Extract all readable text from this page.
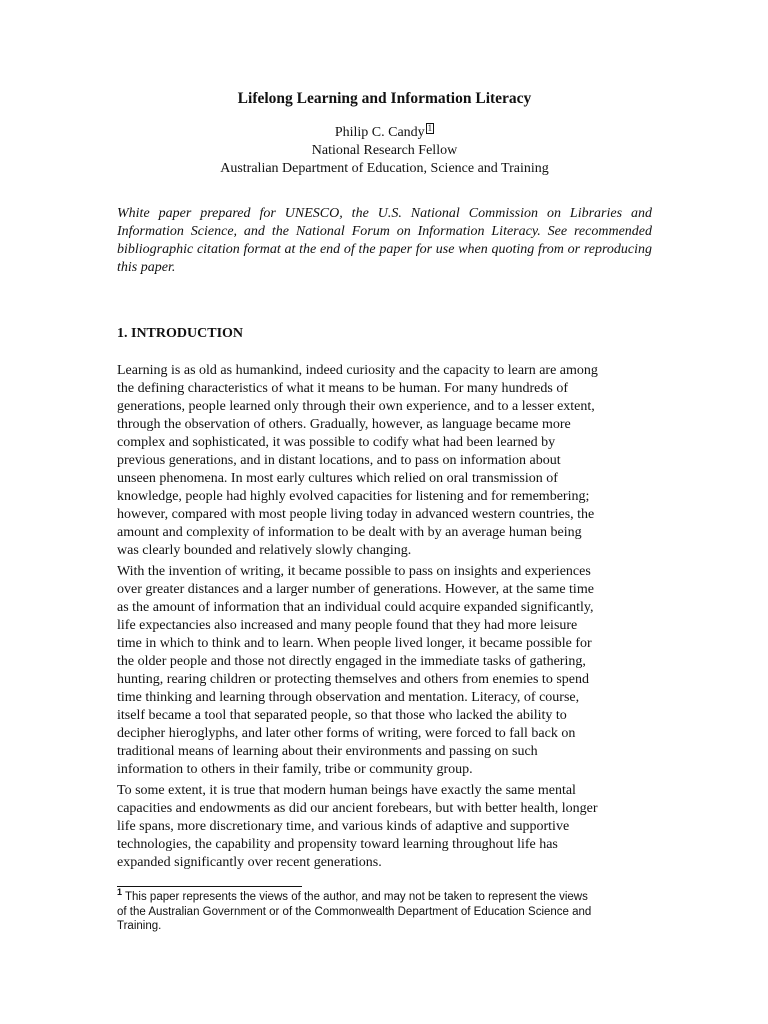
Lifelong Learning and Information Literacy
Philip C. Candy 1
National Research Fellow
Australian Department of Education, Science and Training
White paper prepared for UNESCO, the U.S. National Commission on Libraries and Information Science, and the National Forum on Information Literacy. See recommended bibliographic citation format at the end of the paper for use when quoting from or reproducing this paper.
1. INTRODUCTION
Learning is as old as humankind, indeed curiosity and the capacity to learn are among
the defining characteristics of what it means to be human. For many hundreds of
generations, people learned only through their own experience, and to a lesser extent,
through the observation of others. Gradually, however, as language became more
complex and sophisticated, it was possible to codify what had been learned by
previous generations, and in distant locations, and to pass on information about
unseen phenomena. In most early cultures which relied on oral transmission of
knowledge, people had highly evolved capacities for listening and for remembering;
however, compared with most people living today in advanced western countries, the
amount and complexity of information to be dealt with by an average human being
was clearly bounded and relatively slowly changing.
With the invention of writing, it became possible to pass on insights and experiences
over greater distances and a larger number of generations. However, at the same time
as the amount of information that an individual could acquire expanded significantly,
life expectancies also increased and many people found that they had more leisure
time in which to think and to learn. When people lived longer, it became possible for
the older people and those not directly engaged in the immediate tasks of gathering,
hunting, rearing children or protecting themselves and others from enemies to spend
time thinking and learning through observation and mentation. Literacy, of course,
itself became a tool that separated people, so that those who lacked the ability to
decipher hieroglyphs, and later other forms of writing, were forced to fall back on
traditional means of learning about their environments and passing on such
information to others in their family, tribe or community group.
To some extent, it is true that modern human beings have exactly the same mental
capacities and endowments as did our ancient forebears, but with better health, longer
life spans, more discretionary time, and various kinds of adaptive and supportive
technologies, the capability and propensity toward learning throughout life has
expanded significantly over recent generations.
$^1$ This paper represents the views of the author, and may not be taken to represent the views
of the Australian Government or of the Commonwealth Department of Education Science and
Training.
